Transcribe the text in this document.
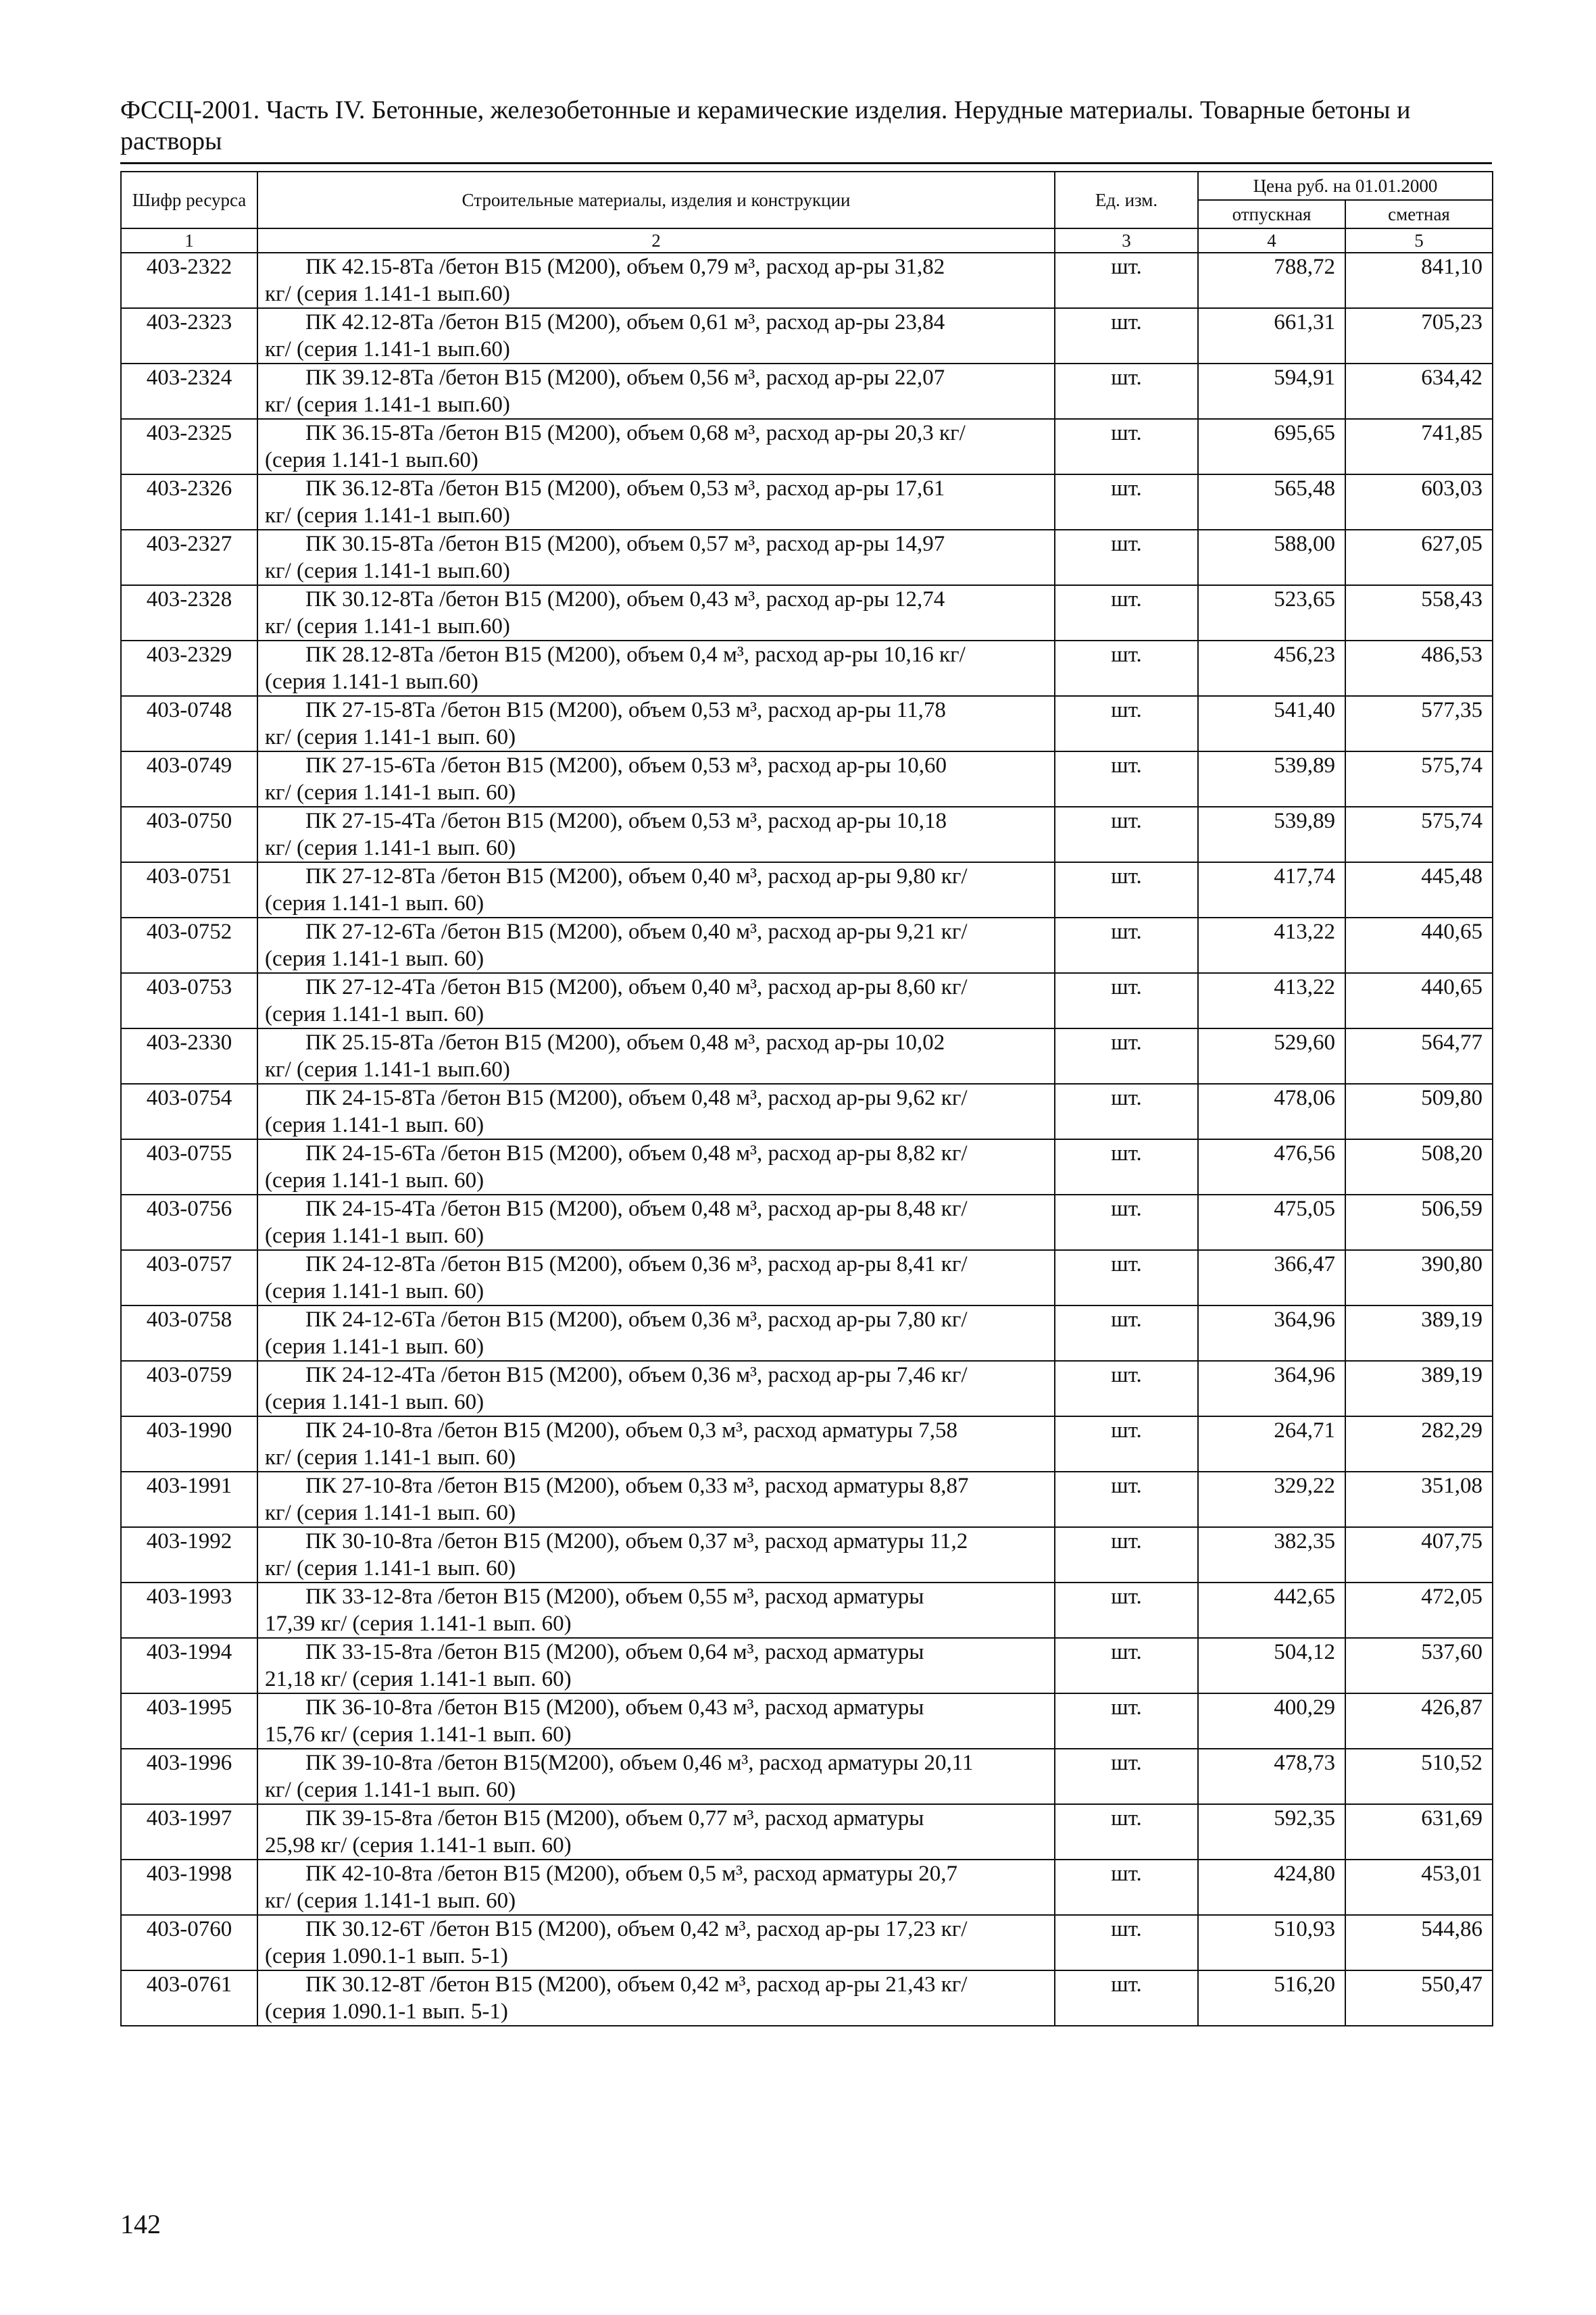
ФССЦ-2001. Часть IV. Бетонные, железобетонные и керамические изделия. Нерудные материалы. Товарные бетоны и растворы
Шифр ресурса	Строительные материалы, изделия и конструкции	Ед. изм.	Цена руб. на 01.01.2000	
			отпускная	сметная
1	2	3	4	5
403-2322	ПК 42.15-8Та /бетон В15 (М200), объем 0,79 м³, расход ар-ры 31,82
кг/ (серия 1.141-1 вып.60)	шт.	788,72	841,10
403-2323	ПК 42.12-8Та /бетон В15 (М200), объем 0,61 м³, расход ар-ры 23,84
кг/ (серия 1.141-1 вып.60)	шт.	661,31	705,23
403-2324	ПК 39.12-8Та /бетон В15 (М200), объем 0,56 м³, расход ар-ры 22,07
кг/ (серия 1.141-1 вып.60)	шт.	594,91	634,42
403-2325	ПК 36.15-8Та /бетон В15 (М200), объем 0,68 м³, расход ар-ры 20,3 кг/
(серия 1.141-1 вып.60)	шт.	695,65	741,85
403-2326	ПК 36.12-8Та /бетон В15 (М200), объем 0,53 м³, расход ар-ры 17,61
кг/ (серия 1.141-1 вып.60)	шт.	565,48	603,03
403-2327	ПК 30.15-8Та /бетон В15 (М200), объем 0,57 м³, расход ар-ры 14,97
кг/ (серия 1.141-1 вып.60)	шт.	588,00	627,05
403-2328	ПК 30.12-8Та /бетон В15 (М200), объем 0,43 м³, расход ар-ры 12,74
кг/ (серия 1.141-1 вып.60)	шт.	523,65	558,43
403-2329	ПК 28.12-8Та /бетон В15 (М200), объем 0,4 м³, расход ар-ры 10,16 кг/
(серия 1.141-1 вып.60)	шт.	456,23	486,53
403-0748	ПК 27-15-8Та /бетон В15 (М200), объем 0,53 м³, расход ар-ры 11,78
кг/ (серия 1.141-1 вып. 60)	шт.	541,40	577,35
403-0749	ПК 27-15-6Та /бетон В15 (М200), объем 0,53 м³, расход ар-ры 10,60
кг/ (серия 1.141-1 вып. 60)	шт.	539,89	575,74
403-0750	ПК 27-15-4Та /бетон В15 (М200), объем 0,53 м³, расход ар-ры 10,18
кг/ (серия 1.141-1 вып. 60)	шт.	539,89	575,74
403-0751	ПК 27-12-8Та /бетон В15 (М200), объем 0,40 м³, расход ар-ры 9,80 кг/
(серия 1.141-1 вып. 60)	шт.	417,74	445,48
403-0752	ПК 27-12-6Та /бетон В15 (М200), объем 0,40 м³, расход ар-ры 9,21 кг/
(серия 1.141-1 вып. 60)	шт.	413,22	440,65
403-0753	ПК 27-12-4Та /бетон В15 (М200), объем 0,40 м³, расход ар-ры 8,60 кг/
(серия 1.141-1 вып. 60)	шт.	413,22	440,65
403-2330	ПК 25.15-8Та /бетон В15 (М200), объем 0,48 м³, расход ар-ры 10,02
кг/ (серия 1.141-1 вып.60)	шт.	529,60	564,77
403-0754	ПК 24-15-8Та /бетон В15 (М200), объем 0,48 м³, расход ар-ры 9,62 кг/
(серия 1.141-1 вып. 60)	шт.	478,06	509,80
403-0755	ПК 24-15-6Та /бетон В15 (М200), объем 0,48 м³, расход ар-ры 8,82 кг/
(серия 1.141-1 вып. 60)	шт.	476,56	508,20
403-0756	ПК 24-15-4Та /бетон В15 (М200), объем 0,48 м³, расход ар-ры 8,48 кг/
(серия 1.141-1 вып. 60)	шт.	475,05	506,59
403-0757	ПК 24-12-8Та /бетон В15 (М200), объем 0,36 м³, расход ар-ры 8,41 кг/
(серия 1.141-1 вып. 60)	шт.	366,47	390,80
403-0758	ПК 24-12-6Та /бетон В15 (М200), объем 0,36 м³, расход ар-ры 7,80 кг/
(серия 1.141-1 вып. 60)	шт.	364,96	389,19
403-0759	ПК 24-12-4Та /бетон В15 (М200), объем 0,36 м³, расход ар-ры 7,46 кг/
(серия 1.141-1 вып. 60)	шт.	364,96	389,19
403-1990	ПК 24-10-8та /бетон В15 (М200), объем 0,3 м³, расход арматуры 7,58
кг/ (серия 1.141-1 вып. 60)	шт.	264,71	282,29
403-1991	ПК 27-10-8та /бетон В15 (М200), объем 0,33 м³, расход арматуры 8,87
кг/ (серия 1.141-1 вып. 60)	шт.	329,22	351,08
403-1992	ПК 30-10-8та /бетон В15 (М200), объем 0,37 м³, расход арматуры 11,2
кг/ (серия 1.141-1 вып. 60)	шт.	382,35	407,75
403-1993	ПК 33-12-8та /бетон В15 (М200), объем 0,55 м³, расход арматуры
17,39 кг/ (серия 1.141-1 вып. 60)	шт.	442,65	472,05
403-1994	ПК 33-15-8та /бетон В15 (М200), объем 0,64 м³, расход арматуры
21,18 кг/ (серия 1.141-1 вып. 60)	шт.	504,12	537,60
403-1995	ПК 36-10-8та /бетон В15 (М200), объем 0,43 м³, расход арматуры
15,76 кг/ (серия 1.141-1 вып. 60)	шт.	400,29	426,87
403-1996	ПК 39-10-8та /бетон В15(М200), объем 0,46 м³, расход арматуры 20,11
кг/ (серия 1.141-1 вып. 60)	шт.	478,73	510,52
403-1997	ПК 39-15-8та /бетон В15 (М200), объем 0,77 м³, расход арматуры
25,98 кг/ (серия 1.141-1 вып. 60)	шт.	592,35	631,69
403-1998	ПК 42-10-8та /бетон В15 (М200), объем 0,5 м³, расход арматуры 20,7
кг/ (серия 1.141-1 вып. 60)	шт.	424,80	453,01
403-0760	ПК 30.12-6Т /бетон В15 (М200), объем 0,42 м³, расход ар-ры 17,23 кг/
(серия 1.090.1-1 вып. 5-1)	шт.	510,93	544,86
403-0761	ПК 30.12-8Т /бетон В15 (М200), объем 0,42 м³, расход ар-ры 21,43 кг/
(серия 1.090.1-1 вып. 5-1)	шт.	516,20	550,47
142
